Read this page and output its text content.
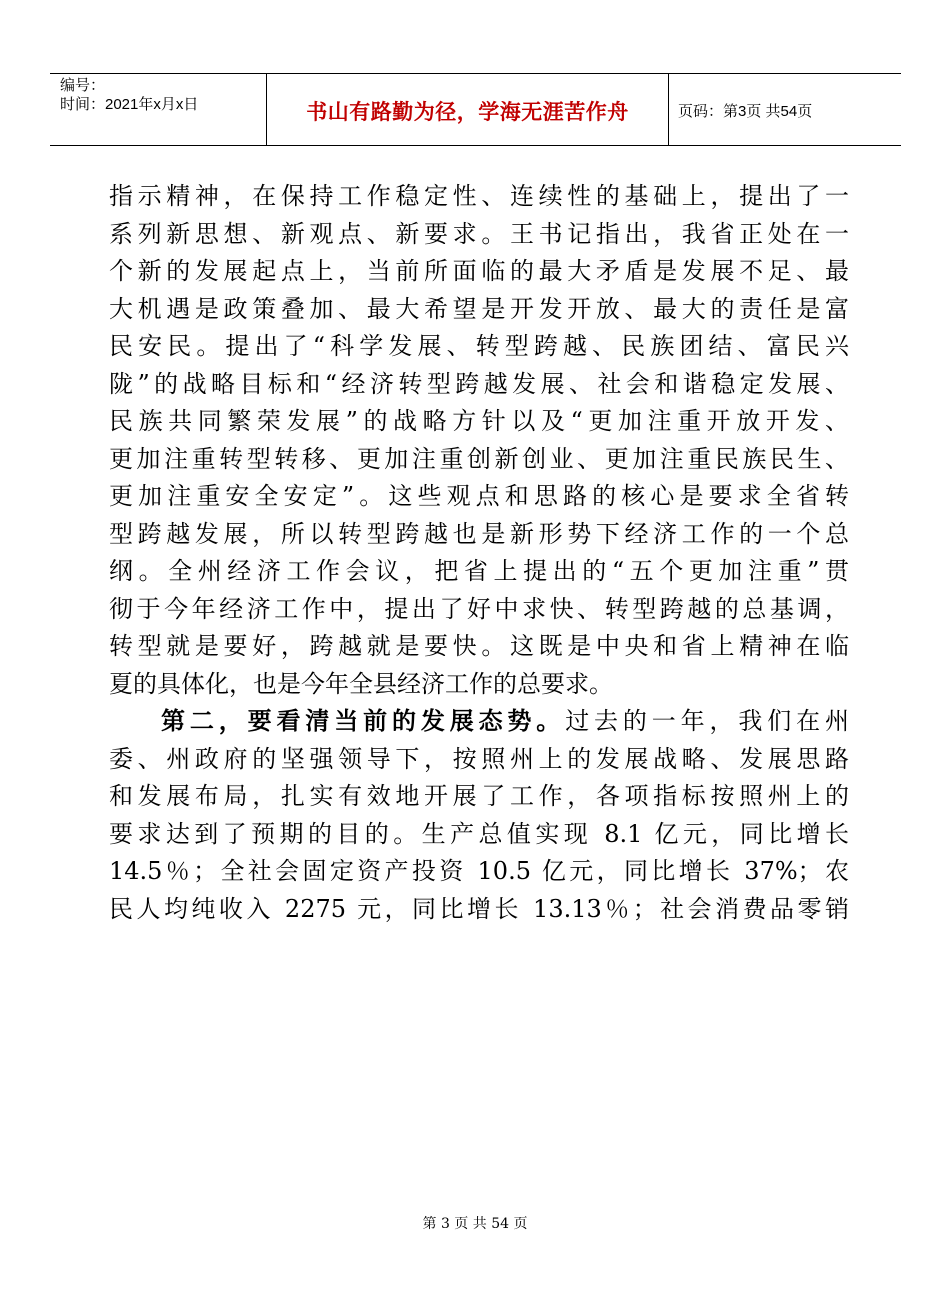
编号：
时间：2021年x月x日	书山有路勤为径，学海无涯苦作舟	页码：第3页 共54页
指示精神，在保持工作稳定性、连续性的基础上，提出了一
系列新思想、新观点、新要求。王书记指出，我省正处在一
个新的发展起点上，当前所面临的最大矛盾是发展不足、最
大机遇是政策叠加、最大希望是开发开放、最大的责任是富
民安民。提出了“科学发展、转型跨越、民族团结、富民兴
陇”的战略目标和“经济转型跨越发展、社会和谐稳定发展、
民族共同繁荣发展”的战略方针以及“更加注重开放开发、
更加注重转型转移、更加注重创新创业、更加注重民族民生、
更加注重安全安定”。这些观点和思路的核心是要求全省转
型跨越发展，所以转型跨越也是新形势下经济工作的一个总
纲。全州经济工作会议，把省上提出的“五个更加注重”贯
彻于今年经济工作中，提出了好中求快、转型跨越的总基调，
转型就是要好，跨越就是要快。这既是中央和省上精神在临
夏的具体化，也是今年全县经济工作的总要求。
第二，要看清当前的发展态势。过去的一年，我们在州
委、州政府的坚强领导下，按照州上的发展战略、发展思路
和发展布局，扎实有效地开展了工作，各项指标按照州上的
要求达到了预期的目的。生产总值实现 8.1 亿元，同比增长
14.5％；全社会固定资产投资 10.5 亿元，同比增长 37%；农
民人均纯收入 2275 元，同比增长 13.13％；社会消费品零销
第 3 页 共 54 页
